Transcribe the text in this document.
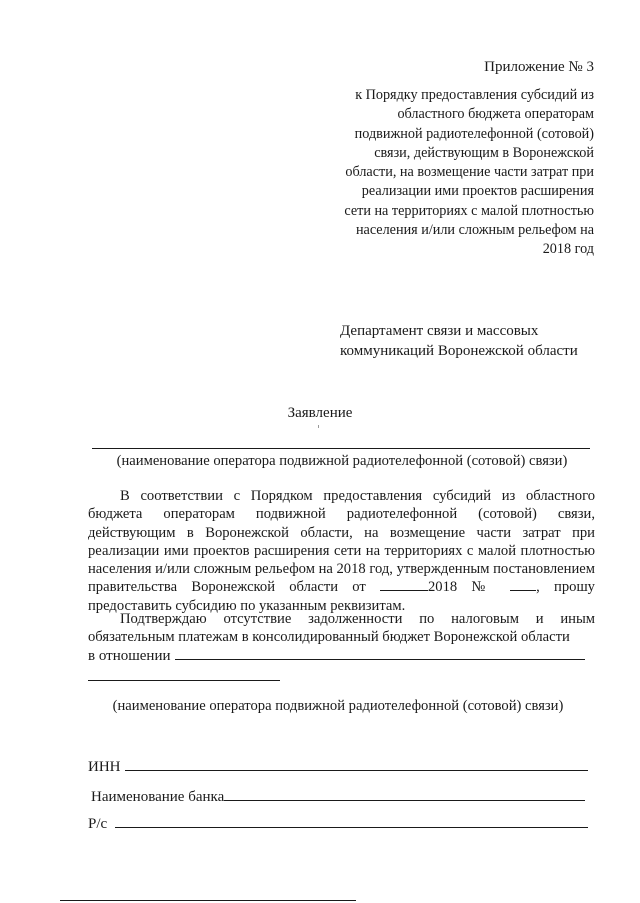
Приложение № 3
к Порядку предоставления субсидий из областного бюджета операторам подвижной радиотелефонной (сотовой) связи, действующим в Воронежской области, на возмещение части затрат при реализации ими проектов расширения сети на территориях с малой плотностью населения и/или сложным рельефом на 2018 год
Департамент связи и массовых
коммуникаций Воронежской области
Заявление
(наименование оператора подвижной радиотелефонной (сотовой) связи)

В соответствии с Порядком предоставления субсидий из областного бюджета операторам подвижной радиотелефонной (сотовой) связи, действующим в Воронежской области, на возмещение части затрат при реализации ими проектов расширения сети на территориях с малой плотностью населения и/или сложным рельефом на 2018 год, утвержденным постановлением правительства Воронежской области от	2018 № , прошу предоставить субсидию по указанным реквизитам.

Подтверждаю отсутствие задолженности по налоговым и иным обязательным платежам в консолидированный бюджет Воронежской области

в отношении
(наименование оператора подвижной радиотелефонной (сотовой) связи)
ИНН
Наименование банка
Р/с
